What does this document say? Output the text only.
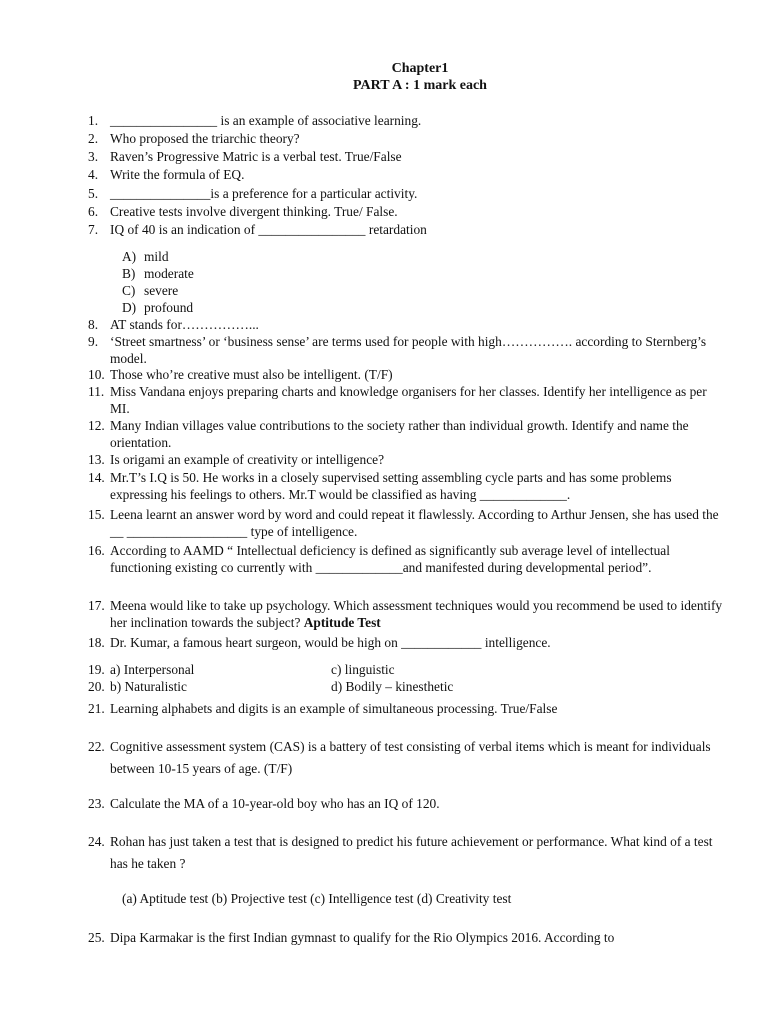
Chapter1
PART A : 1 mark each
1. ________________ is an example of associative learning.
2. Who proposed the triarchic theory?
3. Raven’s Progressive Matric is a verbal test. True/False
4. Write the formula of EQ.
5. _______________is a preference for a particular activity.
6. Creative tests involve divergent thinking. True/ False.
7. IQ of 40 is an indication of ________________ retardation
A) mild
B) moderate
C) severe
D) profound
8. AT stands for……………...
9. ‘Street smartness’ or ‘business sense’ are terms used for people with high……………. according to Sternberg’s model.
10. Those who’re creative must also be intelligent. (T/F)
11. Miss Vandana enjoys preparing charts and knowledge organisers for her classes. Identify her intelligence as per MI.
12. Many Indian villages value contributions to the society rather than individual growth. Identify and name the orientation.
13. Is origami an example of creativity or intelligence?
14. Mr.T’s I.Q is 50. He works in a closely supervised setting assembling cycle parts and has some problems expressing his feelings to others. Mr.T would be classified as having _____________.
15. Leena learnt an answer word by word and could repeat it flawlessly. According to Arthur Jensen, she has used the __ __________________ type of intelligence.
16. According to AAMD “ Intellectual deficiency is defined as significantly sub average level of intellectual functioning existing co currently with _____________and manifested during developmental period”.
17. Meena would like to take up psychology. Which assessment techniques would you recommend be used to identify her inclination towards the subject? Aptitude Test
18. Dr. Kumar, a famous heart surgeon, would be high on ____________ intelligence.
19. a) Interpersonal	c) linguistic
20. b) Naturalistic	d) Bodily – kinesthetic
21. Learning alphabets and digits is an example of simultaneous processing. True/False
22. Cognitive assessment system (CAS) is a battery of test consisting of verbal items which is meant for individuals between 10-15 years of age. (T/F)
23. Calculate the MA of a 10-year-old boy who has an IQ of 120.
24. Rohan has just taken a test that is designed to predict his future achievement or performance. What kind of a test has he taken ?
(a) Aptitude test (b) Projective test (c) Intelligence test (d) Creativity test
25. Dipa Karmakar is the first Indian gymnast to qualify for the Rio Olympics 2016. According to
